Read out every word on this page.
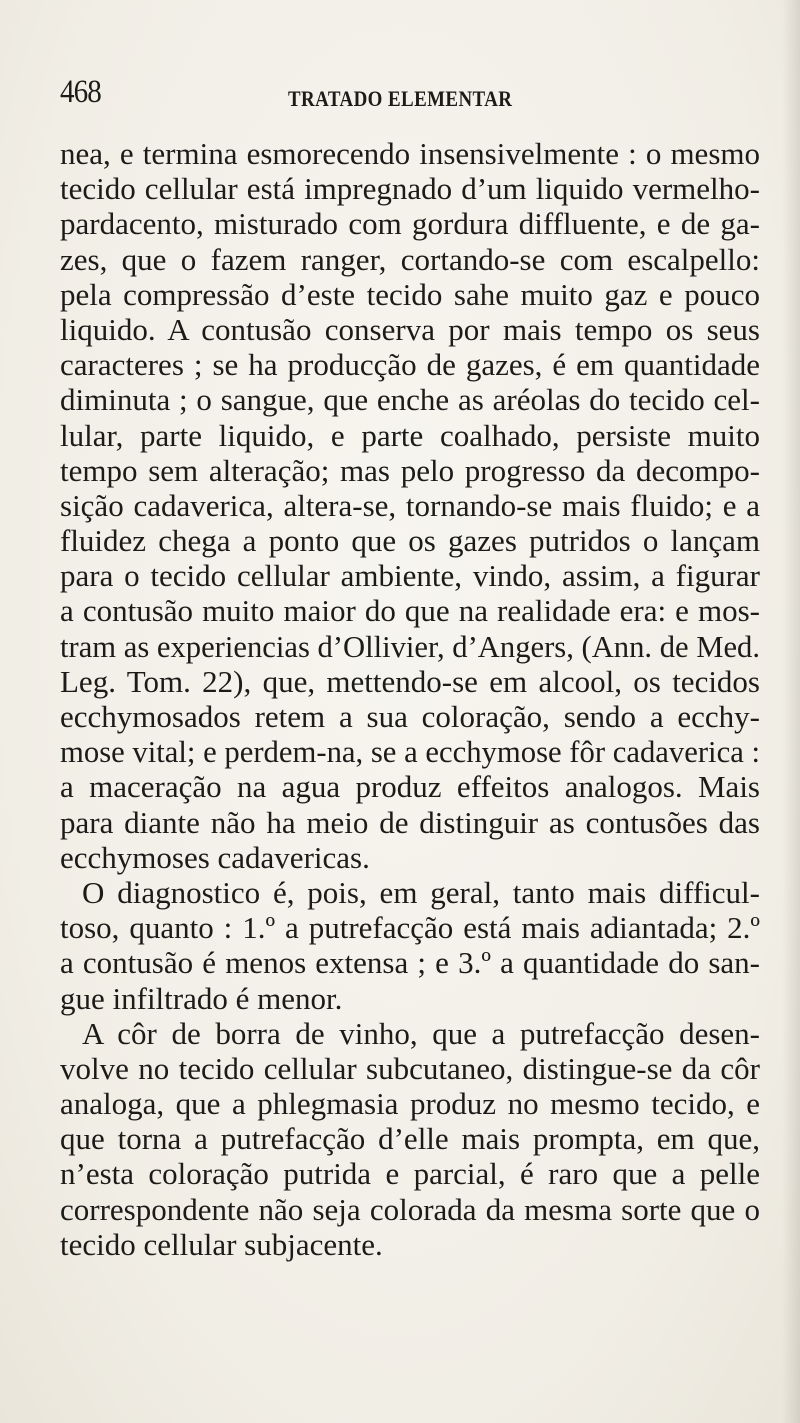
468	TRATADO ELEMENTAR
nea, e termina esmorecendo insensivelmente : o mesmo
tecido cellular está impregnado d’um liquido vermelho-
pardacento, misturado com gordura diffluente, e de ga-
zes, que o fazem ranger, cortando-se com escalpello:
pela compressão d’este tecido sahe muito gaz e pouco
liquido. A contusão conserva por mais tempo os seus
caracteres ; se ha producção de gazes, é em quantidade
diminuta ; o sangue, que enche as aréolas do tecido cel-
lular, parte liquido, e parte coalhado, persiste muito
tempo sem alteração; mas pelo progresso da decompo-
sição cadaverica, altera-se, tornando-se mais fluido; e a
fluidez chega a ponto que os gazes putridos o lançam
para o tecido cellular ambiente, vindo, assim, a figurar
a contusão muito maior do que na realidade era: e mos-
tram as experiencias d’Ollivier, d’Angers, (Ann. de Med.
Leg. Tom. 22), que, mettendo-se em alcool, os tecidos
ecchymosados retem a sua coloração, sendo a ecchy-
mose vital; e perdem-na, se a ecchymose fôr cadaverica :
a maceração na agua produz effeitos analogos. Mais
para diante não ha meio de distinguir as contusões das
ecchymoses cadavericas.
O diagnostico é, pois, em geral, tanto mais difficul-
toso, quanto : 1.º a putrefacção está mais adiantada; 2.º
a contusão é menos extensa ; e 3.º a quantidade do san-
gue infiltrado é menor.
A côr de borra de vinho, que a putrefacção desen-
volve no tecido cellular subcutaneo, distingue-se da côr
analoga, que a phlegmasia produz no mesmo tecido, e
que torna a putrefacção d’elle mais prompta, em que,
n’esta coloração putrida e parcial, é raro que a pelle
correspondente não seja colorada da mesma sorte que o
tecido cellular subjacente.
